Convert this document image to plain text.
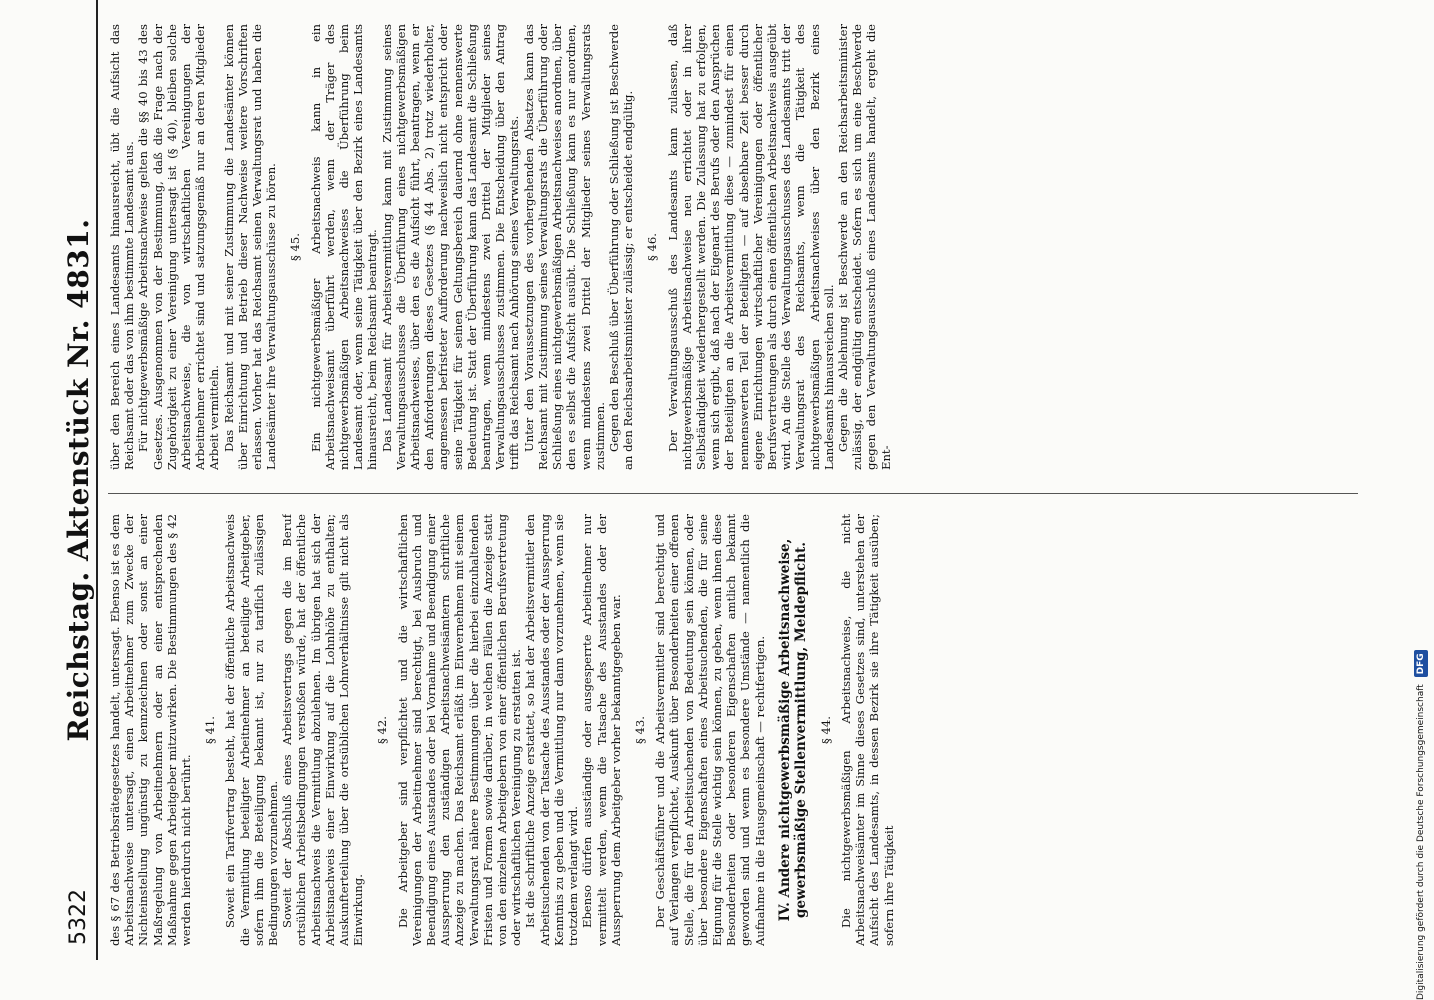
5322
Reichstag. Aktenstück Nr. 4831. des § 67 des Betriebsrätegesetzes handelt, untersagt. Ebenso ist es dem Arbeitsnachweise untersagt, einen Arbeitnehmer zum Zwecke der Nichteinstellung ungünstig zu kennzeichnen oder sonst an einer Maßregelung von Arbeitnehmern oder an einer entsprechenden Maßnahme gegen Arbeitgeber mitzuwirken. Die Bestimmungen des § 42 werden hierdurch nicht berührt.

§ 41. Soweit ein Tarifvertrag besteht, hat der öffentliche Arbeitsnachweis die Vermittlung beteiligter Arbeitnehmer an beteiligte Arbeitgeber, sofern ihm die Beteiligung bekannt ist, nur zu tariflich zulässigen Bedingungen vorzunehmen. Soweit der Abschluß eines Arbeitsvertrags gegen die im Beruf ortsüblichen Arbeitsbedingungen verstoßen würde, hat der öffentliche Arbeitsnachweis die Vermittlung abzulehnen. Im übrigen hat sich der Arbeitsnachweis einer Einwirkung auf die Lohnhöhe zu enthalten; Auskunfterteilung über die ortsüblichen Lohnverhältnisse gilt nicht als Einwirkung.

§ 42. Die Arbeitgeber sind verpflichtet und die wirtschaftlichen Vereinigungen der Arbeitnehmer sind berechtigt, bei Ausbruch und Beendigung eines Ausstandes oder bei Vornahme und Beendigung einer Aussperrung den zuständigen Arbeitsnachweisämtern schriftliche Anzeige zu machen. Das Reichsamt erläßt im Einvernehmen mit seinem Verwaltungsrat nähere Bestimmungen über die hierbei einzuhaltenden Fristen und Formen sowie darüber, in welchen Fällen die Anzeige statt von den einzelnen Arbeitgebern von einer öffentlichen Berufsvertretung oder wirtschaftlichen Vereinigung zu erstatten ist. Ist die schriftliche Anzeige erstattet, so hat der Arbeitsvermittler den Arbeitsuchenden von der Tatsache des Ausstandes oder der Aussperrung Kenntnis zu geben und die Vermittlung nur dann vorzunehmen, wenn sie trotzdem verlangt wird. Ebenso dürfen ausständige oder ausgesperrte Arbeitnehmer nur vermittelt werden, wenn die Tatsache des Ausstandes oder der Aussperrung dem Arbeitgeber vorher bekanntgegeben war. § 43. Der Geschäftsführer und die Arbeitsvermittler sind berechtigt und auf Verlangen verpflichtet, Auskunft über Besonderheiten einer offenen Stelle, die für den Arbeitsuchenden von Bedeutung sein können, oder über besondere Eigenschaften eines Arbeitsuchenden, die für seine Eignung für die Stelle wichtig sein können, zu geben, wenn ihnen diese Besonderheiten oder besonderen Eigenschaften amtlich bekannt geworden sind und wenn es besondere Umstände — namentlich die Aufnahme in die Hausgemeinschaft — rechtfertigen. IV. Andere nichtgewerbsmäßige Arbeitsnachweise, gewerbsmäßige Stellenvermittlung, Meldepflicht. § 44. Die nichtgewerbsmäßigen Arbeitsnachweise, die nicht Arbeitsnachweisämter im Sinne dieses Gesetzes sind, unterstehen der Aufsicht des Landesamts, in dessen Bezirk sie ihre Tätigkeit ausüben; sofern ihre Tätigkeit

über den Bereich eines Landesamts hinausreicht, übt die Aufsicht das Reichsamt oder das von ihm bestimmte Landesamt aus. Für nichtgewerbsmäßige Arbeitsnachweise gelten die §§ 40 bis 43 des Gesetzes. Ausgenommen von der Bestimmung, daß die Frage nach der Zugehörigkeit zu einer Vereinigung untersagt ist (§ 40), bleiben solche Arbeitsnachweise, die von wirtschaftlichen Vereinigungen der Arbeitnehmer errichtet sind und satzungsgemäß nur an deren Mitglieder Arbeit vermitteln. Das Reichsamt und mit seiner Zustimmung die Landesämter können über Einrichtung und Betrieb dieser Nachweise weitere Vorschriften erlassen. Vorher hat das Reichsamt seinen Verwaltungsrat und haben die Landesämter ihre Verwaltungsausschüsse zu hören. § 45. Ein nichtgewerbsmäßiger Arbeitsnachweis kann in ein Arbeitsnachweisamt überführt werden, wenn der Träger des nichtgewerbsmäßigen Arbeitsnachweises die Überführung beim Landesamt oder, wenn seine Tätigkeit über den Bezirk eines Landesamts hinausreicht, beim Reichsamt beantragt. Das Landesamt für Arbeitsvermittlung kann mit Zustimmung seines Verwaltungsausschusses die Überführung eines nichtgewerbsmäßigen Arbeitsnachweises, über den es die Aufsicht führt, beantragen, wenn er den Anforderungen dieses Gesetzes (§ 44 Abs. 2) trotz wiederholter, angemessen befristeter Aufforderung nachweislich nicht entspricht oder seine Tätigkeit für seinen Geltungsbereich dauernd ohne nennenswerte Bedeutung ist. Statt der Überführung kann das Landesamt die Schließung beantragen, wenn mindestens zwei Drittel der Mitglieder seines Verwaltungsausschusses zustimmen. Die Entscheidung über den Antrag trifft das Reichsamt nach Anhörung seines Verwaltungsrats. Unter den Voraussetzungen des vorhergehenden Absatzes kann das Reichsamt mit Zustimmung seines Verwaltungsrats die Überführung oder Schließung eines nichtgewerbsmäßigen Arbeitsnachweises anordnen, über den es selbst die Aufsicht ausübt. Die Schließung kann es nur anordnen, wenn mindestens zwei Drittel der Mitglieder seines Verwaltungsrats zustimmen. Gegen den Beschluß über Überführung oder Schließung ist Beschwerde an den Reichsarbeitsminister zulässig; er entscheidet endgültig. § 46. Der Verwaltungsausschuß des Landesamts kann zulassen, daß nichtgewerbsmäßige Arbeitsnachweise neu errichtet oder in ihrer Selbständigkeit wiederhergestellt werden. Die Zulassung hat zu erfolgen, wenn sich ergibt, daß nach der Eigenart des Berufs oder den Ansprüchen der Beteiligten an die Arbeitsvermittlung diese — zumindest für einen nennenswerten Teil der Beteiligten — auf absehbare Zeit besser durch eigene Einrichtungen wirtschaftlicher Vereinigungen oder öffentlicher Berufsvertretungen als durch einen öffentlichen Arbeitsnachweis ausgeübt wird. An die Stelle des Verwaltungsausschusses des Landesamts tritt der Verwaltungsrat des Reichsamts, wenn die Tätigkeit des nichtgewerbsmäßigen Arbeitsnachweises über den Bezirk eines Landesamts hinausreichen soll. Gegen die Ablehnung ist Beschwerde an den Reichsarbeitsminister zulässig, der endgültig entscheidet. Sofern es sich um eine Beschwerde gegen den Verwaltungsausschuß eines Landesamts handelt, ergeht die Ent-

Digitalisierung gefördert durch die Deutsche Forschungsgemeinschaft DFG
